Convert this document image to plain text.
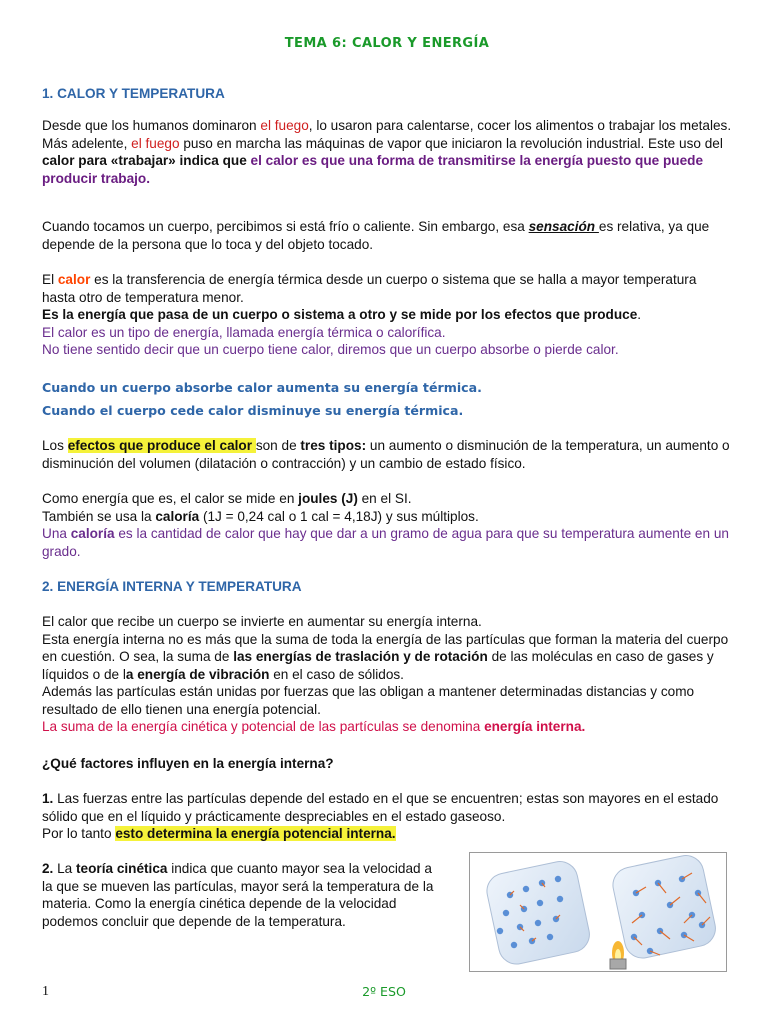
TEMA 6: CALOR Y ENERGÍA
1. CALOR Y TEMPERATURA

Desde que los humanos dominaron el fuego, lo usaron para calentarse, cocer los alimentos o trabajar los metales. Más adelente, el fuego puso en marcha las máquinas de vapor que iniciaron la revolución industrial. Este uso del calor para «trabajar» indica que el calor es que una forma de transmitirse la energía puesto que puede producir trabajo.

Cuando tocamos un cuerpo, percibimos si está frío o caliente. Sin embargo, esa sensación es relativa, ya que depende de la persona que lo toca y del objeto tocado.

El calor es la transferencia de energía térmica desde un cuerpo o sistema que se halla a mayor temperatura hasta otro de temperatura menor.

Es la energía que pasa de un cuerpo o sistema a otro y se mide por los efectos que produce.

El calor es un tipo de energía, llamada energía térmica o calorífica.

No tiene sentido decir que un cuerpo tiene calor, diremos que un cuerpo absorbe o pierde calor.

Cuando un cuerpo absorbe calor aumenta su energía térmica.
Cuando el cuerpo cede calor disminuye su energía térmica.

Los efectos que produce el calor son de tres tipos: un aumento o disminución de la temperatura, un aumento o disminución del volumen (dilatación o contracción) y un cambio de estado físico.

Como energía que es, el calor se mide en joules (J) en el SI.

También se usa la caloría (1J = 0,24 cal o 1 cal = 4,18J) y sus múltiplos.

Una caloría es la cantidad de calor que hay que dar a un gramo de agua para que su temperatura aumente en un grado.

2. ENERGÍA INTERNA Y TEMPERATURA

El calor que recibe un cuerpo se invierte en aumentar su energía interna.

Esta energía interna no es más que la suma de toda la energía de las partículas que forman la materia del cuerpo en cuestión. O sea, la suma de las energías de traslación y de rotación de las moléculas en caso de gases y líquidos o de la energía de vibración en el caso de sólidos.

Además las partículas están unidas por fuerzas que las obligan a mantener determinadas distancias y como resultado de ello tienen una energía potencial.

La suma de la energía cinética y potencial de las partículas se denomina energía interna.

¿Qué factores influyen en la energía interna?

1. Las fuerzas entre las partículas depende del estado en el que se encuentren; estas son mayores en el estado sólido que en el líquido y prácticamente despreciables en el estado gaseoso.

Por lo tanto esto determina la energía potencial interna.

2. La teoría cinética indica que cuanto mayor sea la velocidad a la que se mueven las partículas, mayor será la temperatura de la materia. Como la energía cinética depende de la velocidad podemos concluir que depende de la temperatura.

1	2º ESO
